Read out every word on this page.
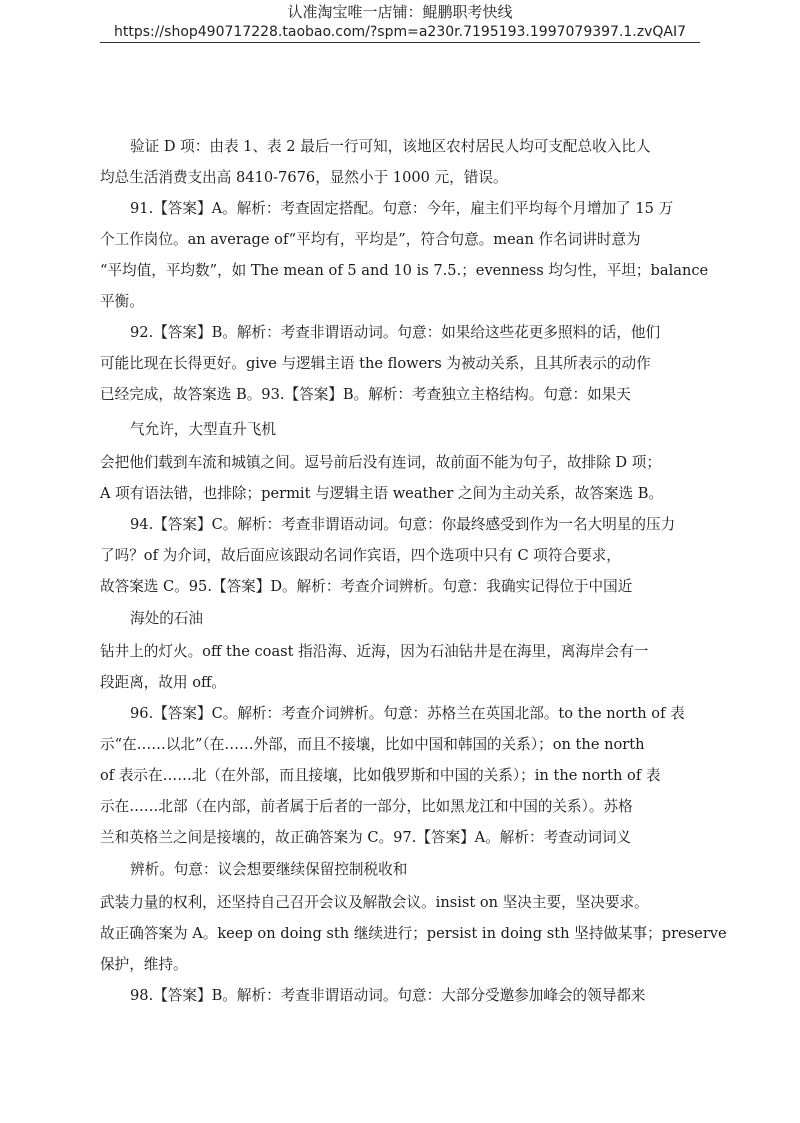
认准淘宝唯一店铺：鲲鹏职考快线
https://shop490717228.taobao.com/?spm=a230r.7195193.1997079397.1.zvQAI7
验证 D 项：由表 1、表 2 最后一行可知，该地区农村居民人均可支配总收入比人
均总生活消费支出高 8410-7676，显然小于 1000 元，错误。
91.【答案】A。解析：考查固定搭配。句意：今年，雇主们平均每个月增加了 15 万
个工作岗位。an average of“平均有，平均是”，符合句意。mean 作名词讲时意为
“平均值，平均数”，如 The mean of 5 and 10 is 7.5.；evenness 均匀性，平坦；balance
平衡。
92.【答案】B。解析：考查非谓语动词。句意：如果给这些花更多照料的话，他们
可能比现在长得更好。give 与逻辑主语 the flowers 为被动关系，且其所表示的动作
已经完成，故答案选 B。93.【答案】B。解析：考查独立主格结构。句意：如果天
气允许，大型直升飞机
会把他们载到车流和城镇之间。逗号前后没有连词，故前面不能为句子，故排除 D 项；
A 项有语法错，也排除；permit 与逻辑主语 weather 之间为主动关系，故答案选 B。
94.【答案】C。解析：考查非谓语动词。句意：你最终感受到作为一名大明星的压力
了吗？of 为介词，故后面应该跟动名词作宾语，四个选项中只有 C 项符合要求，
故答案选 C。95.【答案】D。解析：考查介词辨析。句意：我确实记得位于中国近
海处的石油
钻井上的灯火。off the coast 指沿海、近海，因为石油钻井是在海里，离海岸会有一
段距离，故用 off。
96.【答案】C。解析：考查介词辨析。句意：苏格兰在英国北部。to the north of 表
示“在……以北”（在……外部，而且不接壤，比如中国和韩国的关系）；on the north
of 表示在……北（在外部，而且接壤，比如俄罗斯和中国的关系）；in the north of 表
示在……北部（在内部，前者属于后者的一部分，比如黑龙江和中国的关系）。苏格
兰和英格兰之间是接壤的，故正确答案为 C。97.【答案】A。解析：考查动词词义
辨析。句意：议会想要继续保留控制税收和
武装力量的权利，还坚持自己召开会议及解散会议。insist on 坚决主要，坚决要求。
故正确答案为 A。keep on doing sth 继续进行；persist in doing sth 坚持做某事；preserve
保护，维持。
98.【答案】B。解析：考查非谓语动词。句意：大部分受邀参加峰会的领导都来
